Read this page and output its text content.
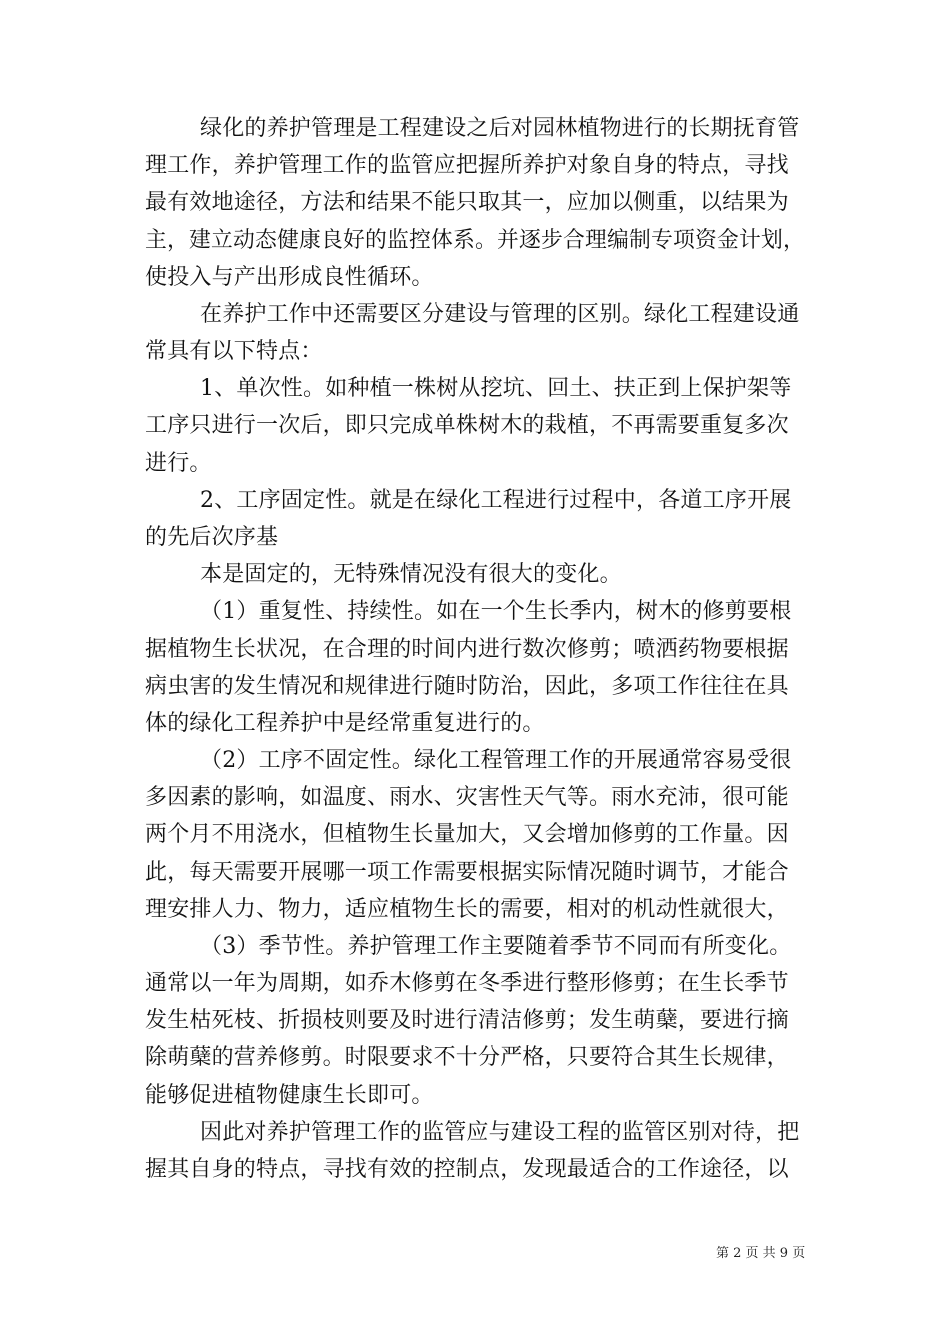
绿化的养护管理是工程建设之后对园林植物进行的长期抚育管
理工作，养护管理工作的监管应把握所养护对象自身的特点，寻找
最有效地途径，方法和结果不能只取其一，应加以侧重，以结果为
主，建立动态健康良好的监控体系。并逐步合理编制专项资金计划，
使投入与产出形成良性循环。
在养护工作中还需要区分建设与管理的区别。绿化工程建设通
常具有以下特点：
1、单次性。如种植一株树从挖坑、回土、扶正到上保护架等
工序只进行一次后，即只完成单株树木的栽植，不再需要重复多次
进行。
2、工序固定性。就是在绿化工程进行过程中，各道工序开展
的先后次序基
本是固定的，无特殊情况没有很大的变化。
（1）重复性、持续性。如在一个生长季内，树木的修剪要根
据植物生长状况，在合理的时间内进行数次修剪；喷洒药物要根据
病虫害的发生情况和规律进行随时防治，因此，多项工作往往在具
体的绿化工程养护中是经常重复进行的。
（2）工序不固定性。绿化工程管理工作的开展通常容易受很
多因素的影响，如温度、雨水、灾害性天气等。雨水充沛，很可能
两个月不用浇水，但植物生长量加大，又会增加修剪的工作量。因
此，每天需要开展哪一项工作需要根据实际情况随时调节，才能合
理安排人力、物力，适应植物生长的需要，相对的机动性就很大，
（3）季节性。养护管理工作主要随着季节不同而有所变化。
通常以一年为周期，如乔木修剪在冬季进行整形修剪；在生长季节
发生枯死枝、折损枝则要及时进行清洁修剪；发生萌蘖，要进行摘
除萌蘖的营养修剪。时限要求不十分严格，只要符合其生长规律，
能够促进植物健康生长即可。
因此对养护管理工作的监管应与建设工程的监管区别对待，把
握其自身的特点，寻找有效的控制点，发现最适合的工作途径，以
第 2 页 共 9 页
